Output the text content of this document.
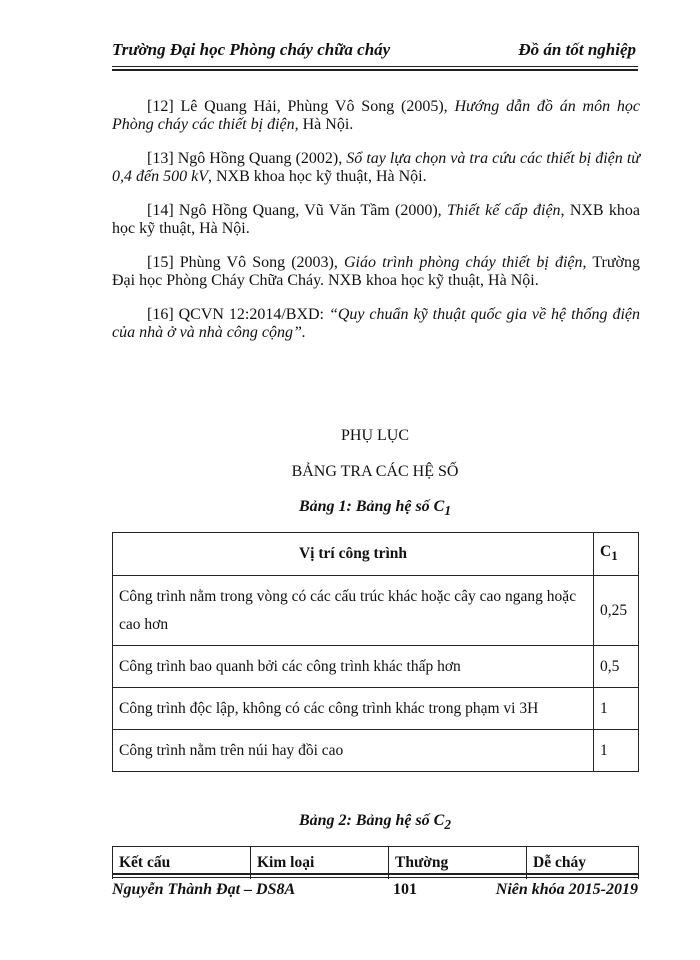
Trường Đại học Phòng cháy chữa cháy	Đồ án tốt nghiệp

[12] Lê Quang Hải, Phùng Vô Song (2005), Hướng dẫn đồ án môn học Phòng cháy các thiết bị điện, Hà Nội.

[13] Ngô Hồng Quang (2002), Sổ tay lựa chọn và tra cứu các thiết bị điện từ 0,4 đến 500 kV, NXB khoa học kỹ thuật, Hà Nội.

[14] Ngô Hồng Quang, Vũ Văn Tầm (2000), Thiết kế cấp điện, NXB khoa học kỹ thuật, Hà Nội.

[15] Phùng Vô Song (2003), Giáo trình phòng cháy thiết bị điện, Trường Đại học Phòng Cháy Chữa Cháy. NXB khoa học kỹ thuật, Hà Nội.

[16] QCVN 12:2014/BXD: “Quy chuẩn kỹ thuật quốc gia về hệ thống điện của nhà ở và nhà công cộng”.

PHỤ LỤC
BẢNG TRA CÁC HỆ SỐ
Bảng 1: Bảng hệ số $C_1$
Vị trí công trình	$C_1$
Công trình nằm trong vòng có các cấu trúc khác hoặc cây cao ngang hoặc cao hơn	0,25
Công trình bao quanh bởi các công trình khác thấp hơn	0,5
Công trình độc lập, không có các công trình khác trong phạm vi 3H	1
Công trình nằm trên núi hay đồi cao	1
Bảng 2: Bảng hệ số $C_2$
Kết cấu	Kim loại	Thường	Dễ cháy
Nguyễn Thành Đạt – DS8A	101	Niên khóa 2015-2019
